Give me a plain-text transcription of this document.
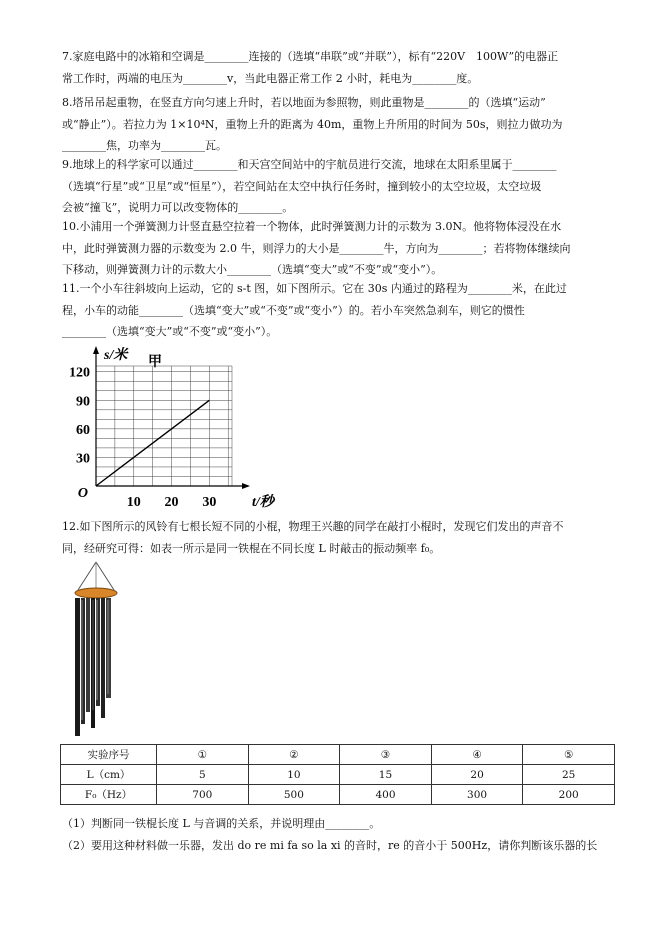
7.家庭电路中的冰箱和空调是________连接的（选填“串联”或“并联”），标有“220V　100W”的电器正

常工作时，两端的电压为________v，当此电器正常工作 2 小时，耗电为________度。

8.塔吊吊起重物，在竖直方向匀速上升时，若以地面为参照物，则此重物是________的（选填“运动”

或“静止”）。若拉力为 1×10⁴N，重物上升的距离为 40m，重物上升所用的时间为 50s，则拉力做功为

________焦，功率为________瓦。

9.地球上的科学家可以通过________和天宫空间站中的宇航员进行交流，地球在太阳系里属于________

（选填“行星”或“卫星”或“恒星”），若空间站在太空中执行任务时，撞到较小的太空垃圾，太空垃圾

会被“撞飞”，说明力可以改变物体的________。

10.小浦用一个弹簧测力计竖直悬空拉着一个物体，此时弹簧测力计的示数为 3.0N。他将物体浸没在水

中，此时弹簧测力器的示数变为 2.0 牛，则浮力的大小是________牛，方向为________；若将物体继续向

下移动，则弹簧测力计的示数大小________（选填“变大”或“不变”或“变小”）。

11.一个小车往斜坡向上运动，它的 s-t 图，如下图所示。它在 30s 内通过的路程为________米，在此过

程，小车的动能________（选填“变大”或“不变”或“变小”）的。若小车突然急刹车，则它的惯性

________（选填“变大”或“不变”或“变小”）。

30
60
90
120
10 20 30
O
s/米
t/秒
甲

12.如下图所示的风铃有七根长短不同的小棍，物理王兴趣的同学在敲打小棍时，发现它们发出的声音不

同，经研究可得：如表一所示是同一铁棍在不同长度 L 时敲击的振动频率 f₀。

实验序号	①	②	③	④	⑤
L（cm）	5	10	15	20	25
F₀（Hz）	700	500	400	300	200

（1）判断同一铁棍长度 L 与音调的关系，并说明理由________。

（2）要用这种材料做一乐器，发出 do re mi fa so la xi 的音时，re 的音小于 500Hz，请你判断该乐器的长
